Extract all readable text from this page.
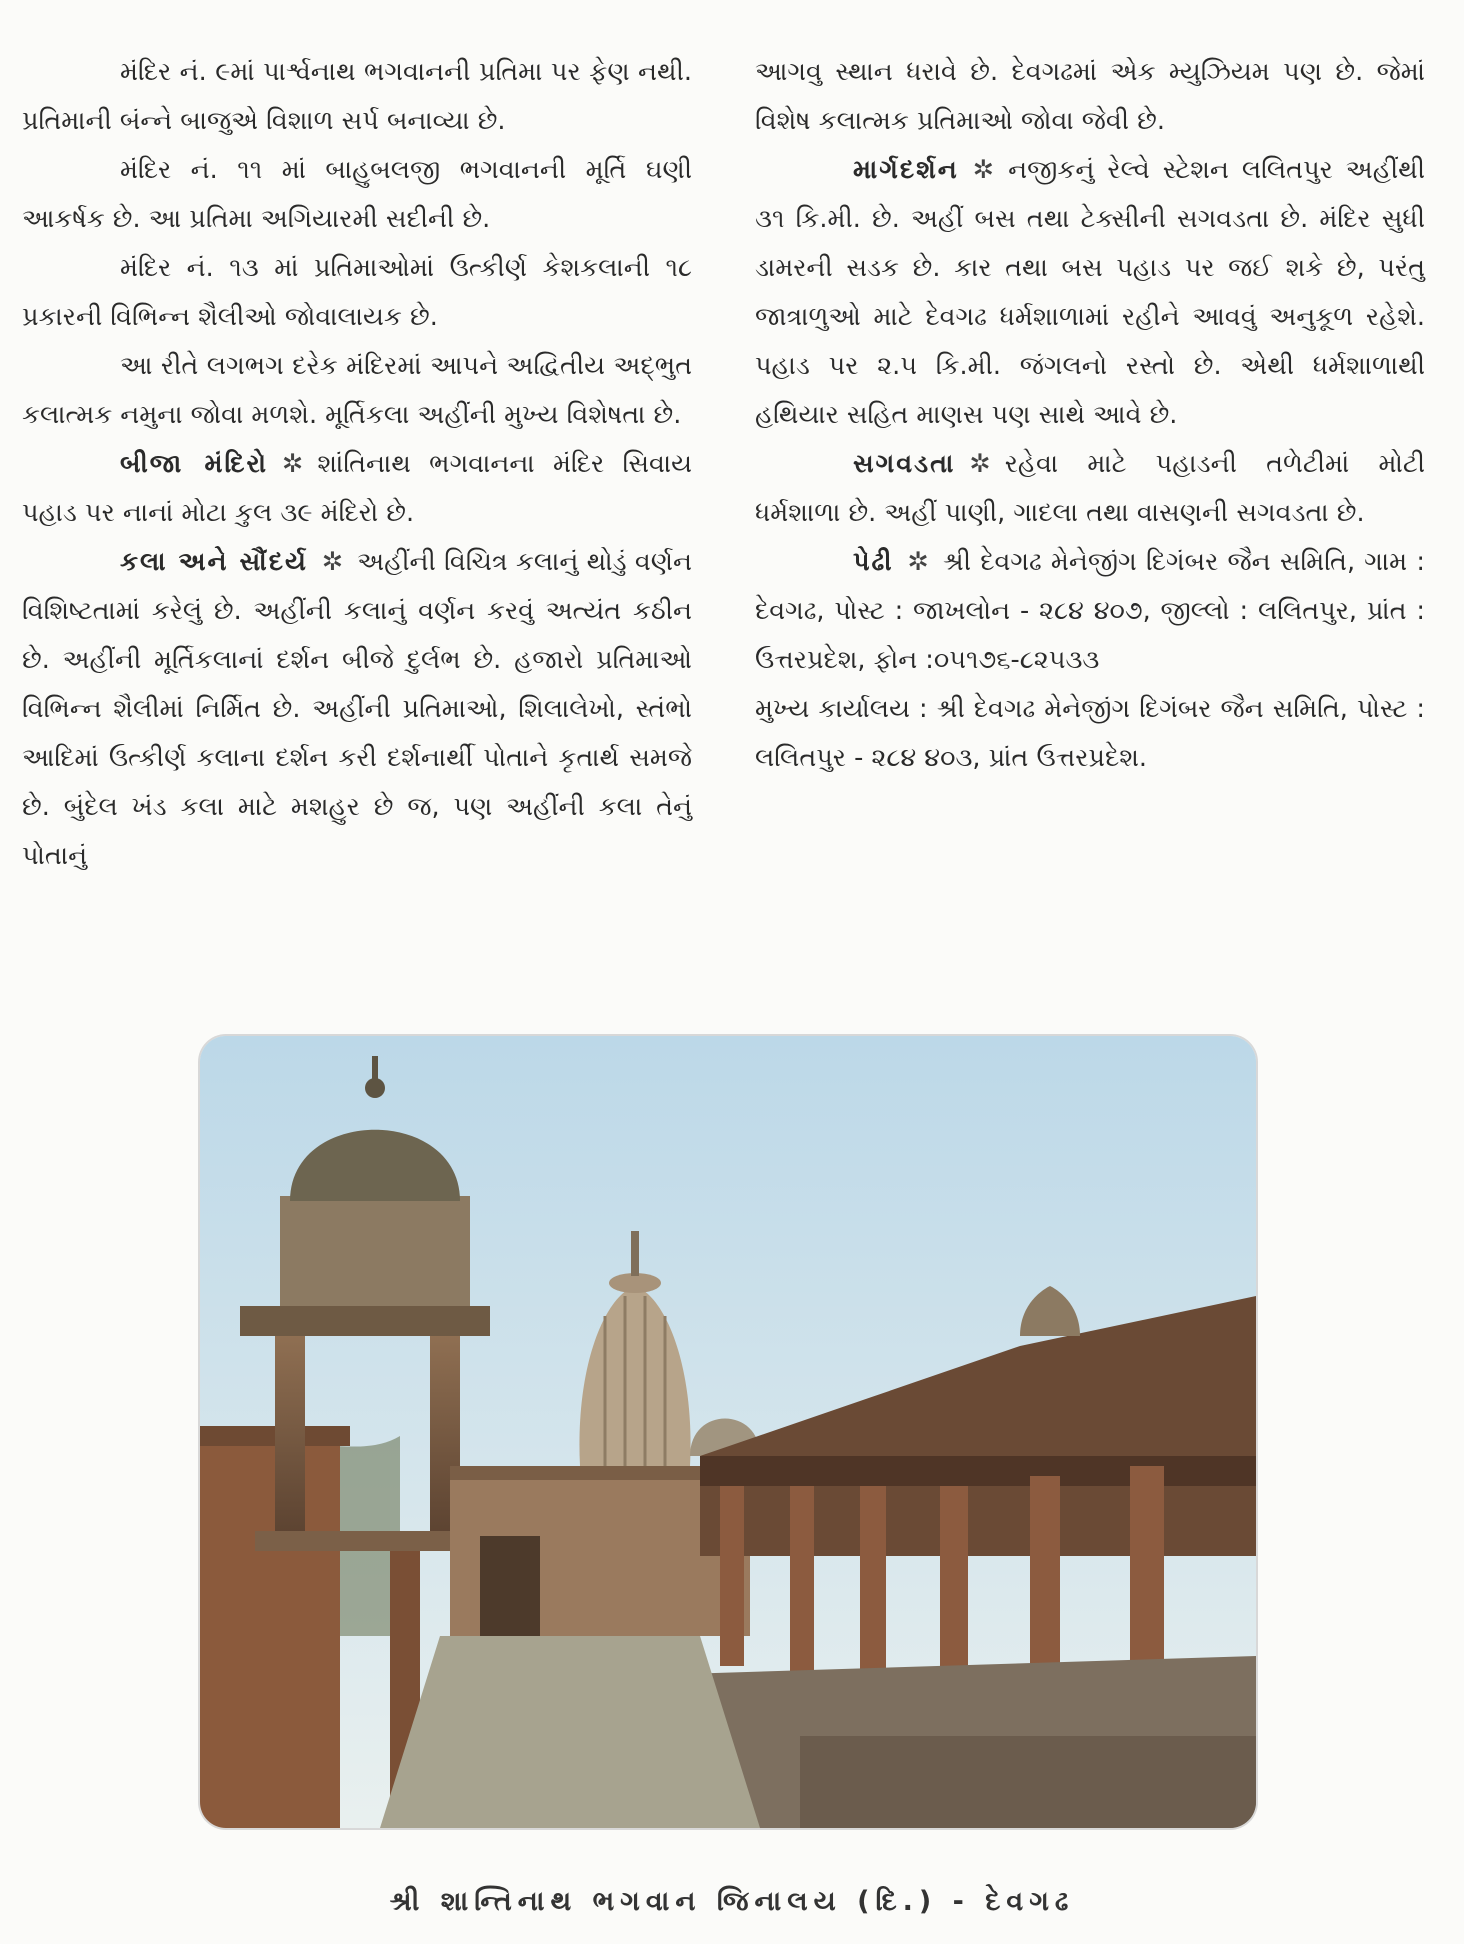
મંદિર નં. ૯માં પાર્શ્વનાથ ભગવાનની પ્રતિમા પર ફેણ નથી. પ્રતિમાની બંન્ને બાજુએ વિશાળ સર્પ બનાવ્યા છે.

મંદિર નં. ૧૧ માં બાહુબલજી ભગવાનની મૂર્તિ ઘણી આકર્ષક છે. આ પ્રતિમા અગિયારમી સદીની છે.

મંદિર નં. ૧૩ માં પ્રતિમાઓમાં ઉત્કીર્ણ કેશકલાની ૧૮ પ્રકારની વિભિન્ન શૈલીઓ જોવાલાયક છે.

આ રીતે લગભગ દરેક મંદિરમાં આપને અદ્વિતીય અદ્‌ભુત કલાત્મક નમુના જોવા મળશે. મૂર્તિકલા અહીંની મુખ્ય વિશેષતા છે.

બીજા મંદિરો ✲ શાંતિનાથ ભગવાનના મંદિર સિવાય પહાડ પર નાનાં મોટા કુલ ૩૯ મંદિરો છે.

કલા અને સૌંદર્ય ✲ અહીંની વિચિત્ર કલાનું થોડું વર્ણન વિશિષ્ટતામાં કરેલું છે. અહીંની કલાનું વર્ણન કરવું અત્યંત કઠીન છે. અહીંની મૂર્તિકલાનાં દર્શન બીજે દુર્લભ છે. હજારો પ્રતિમાઓ વિભિન્ન શૈલીમાં નિર્મિત છે. અહીંની પ્રતિમાઓ, શિલાલેખો, સ્તંભો આદિમાં ઉત્કીર્ણ કલાના દર્શન કરી દર્શનાર્થી પોતાને કૃતાર્થ સમજે છે. બુંદેલ ખંડ કલા માટે મશહુર છે જ, પણ અહીંની કલા તેનું પોતાનું

આગવુ સ્થાન ધરાવે છે. દેવગઢમાં એક મ્યુઝિયમ પણ છે. જેમાં વિશેષ કલાત્મક પ્રતિમાઓ જોવા જેવી છે.

માર્ગદર્શન ✲ નજીકનું રેલ્વે સ્ટેશન લલિતપુર અહીંથી ૩૧ કિ.મી. છે. અહીં બસ તથા ટેક્સીની સગવડતા છે. મંદિર સુધી ડામરની સડક છે. કાર તથા બસ પહાડ પર જઈ શકે છે, પરંતુ જાત્રાળુઓ માટે દેવગઢ ધર્મશાળામાં રહીને આવવું અનુકૂળ રહેશે. પહાડ પર ૨.૫ કિ.મી. જંગલનો રસ્તો છે. એથી ધર્મશાળાથી હથિયાર સહિત માણસ પણ સાથે આવે છે.

સગવડતા ✲ રહેવા માટે પહાડની તળેટીમાં મોટી ધર્મશાળા છે. અહીં પાણી, ગાદલા તથા વાસણની સગવડતા છે.

પેઢી ✲ શ્રી દેવગઢ મેનેજીંગ દિગંબર જૈન સમિતિ, ગામ : દેવગઢ, પોસ્ટ : જાખલોન - ૨૮૪ ૪૦૭, જીલ્લો : લલિતપુર, પ્રાંત : ઉત્તરપ્રદેશ, ફોન :૦૫૧૭૬-૮૨૫૩૩

મુખ્ય કાર્યાલય : શ્રી દેવગઢ મેનેજીંગ દિગંબર જૈન સમિતિ, પોસ્ટ : લલિતપુર - ૨૮૪ ૪૦૩, પ્રાંત ઉત્તરપ્રદેશ.

શ્રી શાન્તિનાથ ભગવાન જિનાલય (દિ.) - દેવગઢ
